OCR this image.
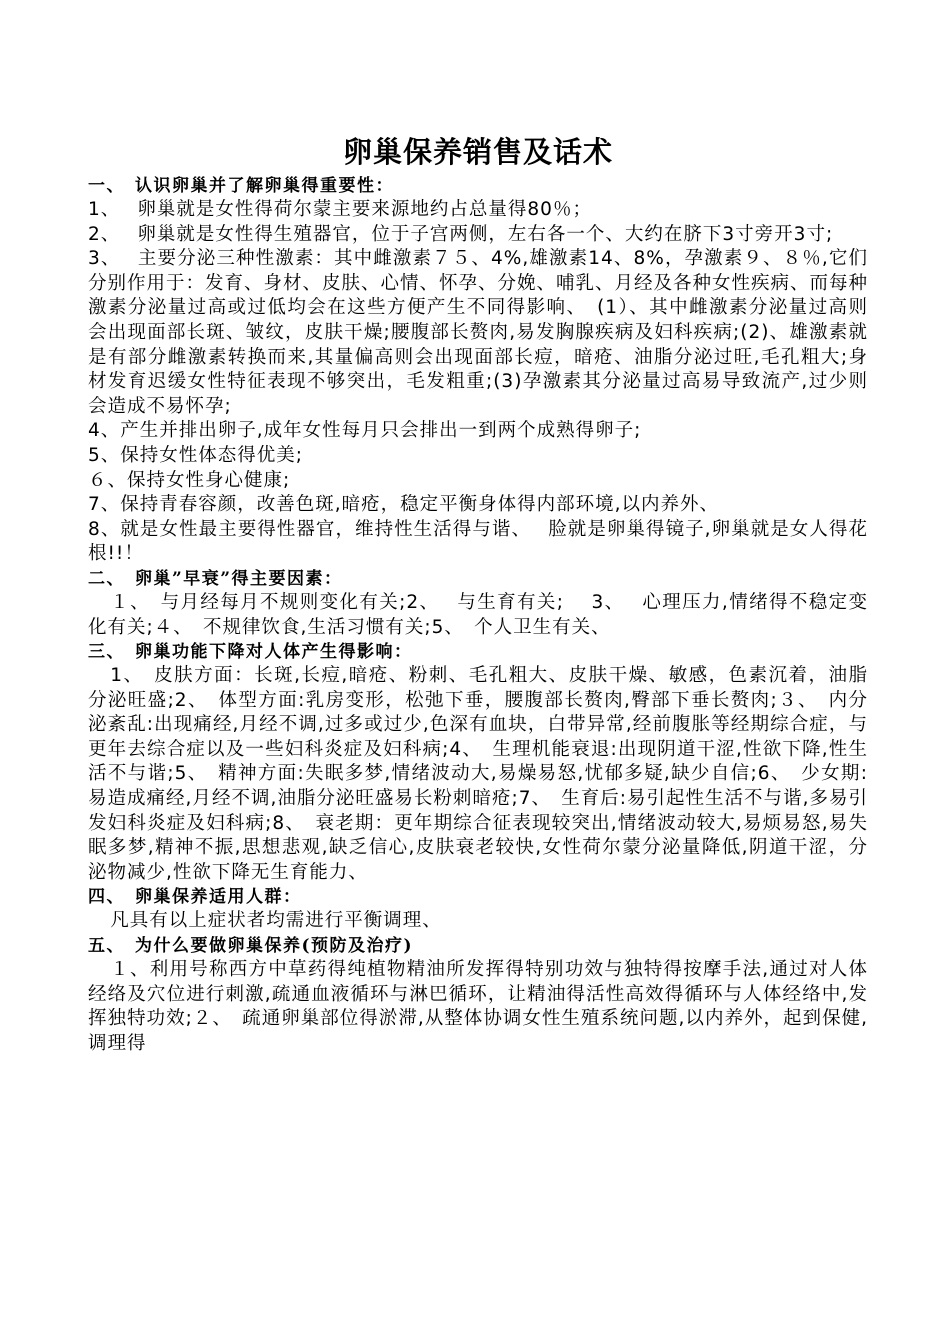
卵巢保养销售及话术

一、　认识卵巢并了解卵巢得重要性：

1、　 卵巢就是女性得荷尔蒙主要来源地约占总量得80％；

2、　 卵巢就是女性得生殖器官，位于子宫两侧，左右各一个、大约在脐下3寸旁开3寸;

3、　 主要分泌三种性激素：其中雌激素７５、4%,雄激素14、8%，孕激素９、８％,它们分别作用于：发育、身材、皮肤、心情、怀孕、分娩、哺乳、月经及各种女性疾病、而每种激素分泌量过高或过低均会在这些方便产生不同得影响、　(1）、其中雌激素分泌量过高则会出现面部长斑、皱纹，皮肤干燥;腰腹部长赘肉,易发胸腺疾病及妇科疾病;(2)、雄激素就是有部分雌激素转换而来,其量偏高则会出现面部长痘，暗疮、油脂分泌过旺,毛孔粗大;身材发育迟缓女性特征表现不够突出，毛发粗重;(3)孕激素其分泌量过高易导致流产,过少则会造成不易怀孕;

4、产生并排出卵子,成年女性每月只会排出一到两个成熟得卵子;

5、保持女性体态得优美;

６、保持女性身心健康;

7、保持青春容颜，改善色斑,暗疮，稳定平衡身体得内部环境,以内养外、

8、就是女性最主要得性器官，维持性生活得与谐、　 脸就是卵巢得镜子,卵巢就是女人得花根!!！

二、　卵巢”早衰”得主要因素：

１、　与月经每月不规则变化有关;2、　 与生育有关;　 3、　 心理压力,情绪得不稳定变化有关;４、　不规律饮食,生活习惯有关;5、　个人卫生有关、

三、　卵巢功能下降对人体产生得影响：

1、　皮肤方面：长斑,长痘,暗疮、粉刺、毛孔粗大、皮肤干燥、敏感，色素沉着，油脂分泌旺盛;2、　体型方面:乳房变形，松弛下垂，腰腹部长赘肉,臀部下垂长赘肉;３、　内分泌紊乱:出现痛经,月经不调,过多或过少,色深有血块，白带异常,经前腹胀等经期综合症，与更年去综合症以及一些妇科炎症及妇科病;4、　生理机能衰退:出现阴道干涩,性欲下降,性生活不与谐;5、　精神方面:失眠多梦,情绪波动大,易燥易怒,忧郁多疑,缺少自信;6、　少女期:易造成痛经,月经不调,油脂分泌旺盛易长粉刺暗疮;7、　生育后:易引起性生活不与谐,多易引发妇科炎症及妇科病;8、　衰老期：更年期综合征表现较突出,情绪波动较大,易烦易怒,易失眠多梦,精神不振,思想悲观,缺乏信心,皮肤衰老较快,女性荷尔蒙分泌量降低,阴道干涩，分泌物减少,性欲下降无生育能力、

四、　卵巢保养适用人群：

凡具有以上症状者均需进行平衡调理、

五、　为什么要做卵巢保养(预防及治疗)

１、利用号称西方中草药得纯植物精油所发挥得特别功效与独特得按摩手法,通过对人体经络及穴位进行刺激,疏通血液循环与淋巴循环，让精油得活性高效得循环与人体经络中,发挥独特功效;２、　疏通卵巢部位得淤滞,从整体协调女性生殖系统问题,以内养外，起到保健,调理得
